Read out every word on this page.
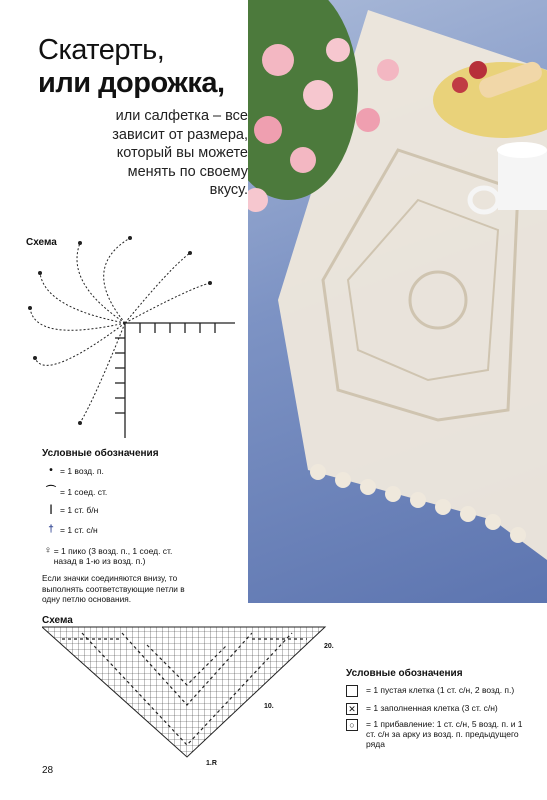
Скатерть,
или дорожка,
или салфетка – все зависит от размера, который вы можете менять по своему вкусу.
Схема
Условные обозначения
• = 1 возд. п.
⌒ = 1 соед. ст.
| = 1 ст. б/н
† = 1 ст. с/н
♀ = 1 пико (3 возд. п., 1 соед. ст. назад в 1-ю из возд. п.)
Если значки соединяются внизу, то выполнять соответствующие петли в одну петлю основания.
Схема
20.
10.
1.R
Условные обозначения
= 1 пустая клетка (1 ст. с/н, 2 возд. п.)
✕ = 1 заполненная клетка (3 ст. с/н)
○	= 1 прибавление: 1 ст. с/н, 5 возд. п. и 1 ст. с/н за арку из возд. п. предыдущего ряда
28
